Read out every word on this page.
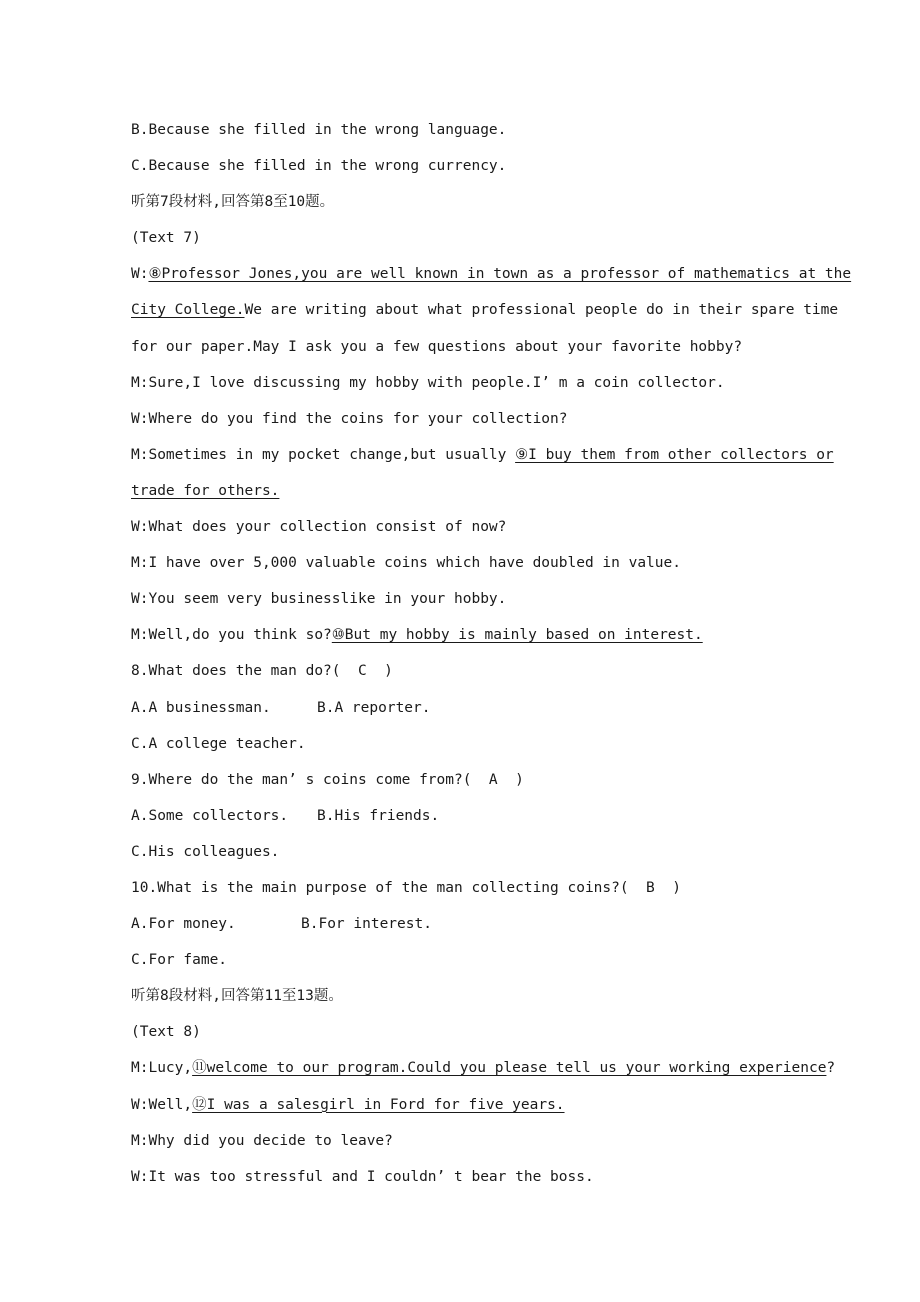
B.Because she filled in the wrong language.
C.Because she filled in the wrong currency.
听第7段材料,回答第8至10题。
(Text 7)
W:⑧Professor Jones,you are well known in town as a professor of mathematics at the
City College.We are writing about what professional people do in their spare time
for our paper.May I ask you a few questions about your favorite hobby?
M:Sure,I love discussing my hobby with people.I’ m a coin collector.
W:Where do you find the coins for your collection?
M:Sometimes in my pocket change,but usually ⑨I buy them from other collectors or
trade for others.
W:What does your collection consist of now?
M:I have over 5,000 valuable coins which have doubled in value.
W:You seem very businesslike in your hobby.
M:Well,do you think so?⑩But my hobby is mainly based on interest.
8.What does the man do?(  C  )
A.A businessman.	B.A reporter.
C.A college teacher.
9.Where do the man’ s coins come from?(  A  )
A.Some collectors. B.His friends.
C.His colleagues.
10.What is the main purpose of the man collecting coins?(  B  )
A.For money.	B.For interest.
C.For fame.
听第8段材料,回答第11至13题。
(Text 8)
M:Lucy,⑪welcome to our program.Could you please tell us your working experience?
W:Well,⑫I was a salesgirl in Ford for five years.
M:Why did you decide to leave?
W:It was too stressful and I couldn’ t bear the boss.
